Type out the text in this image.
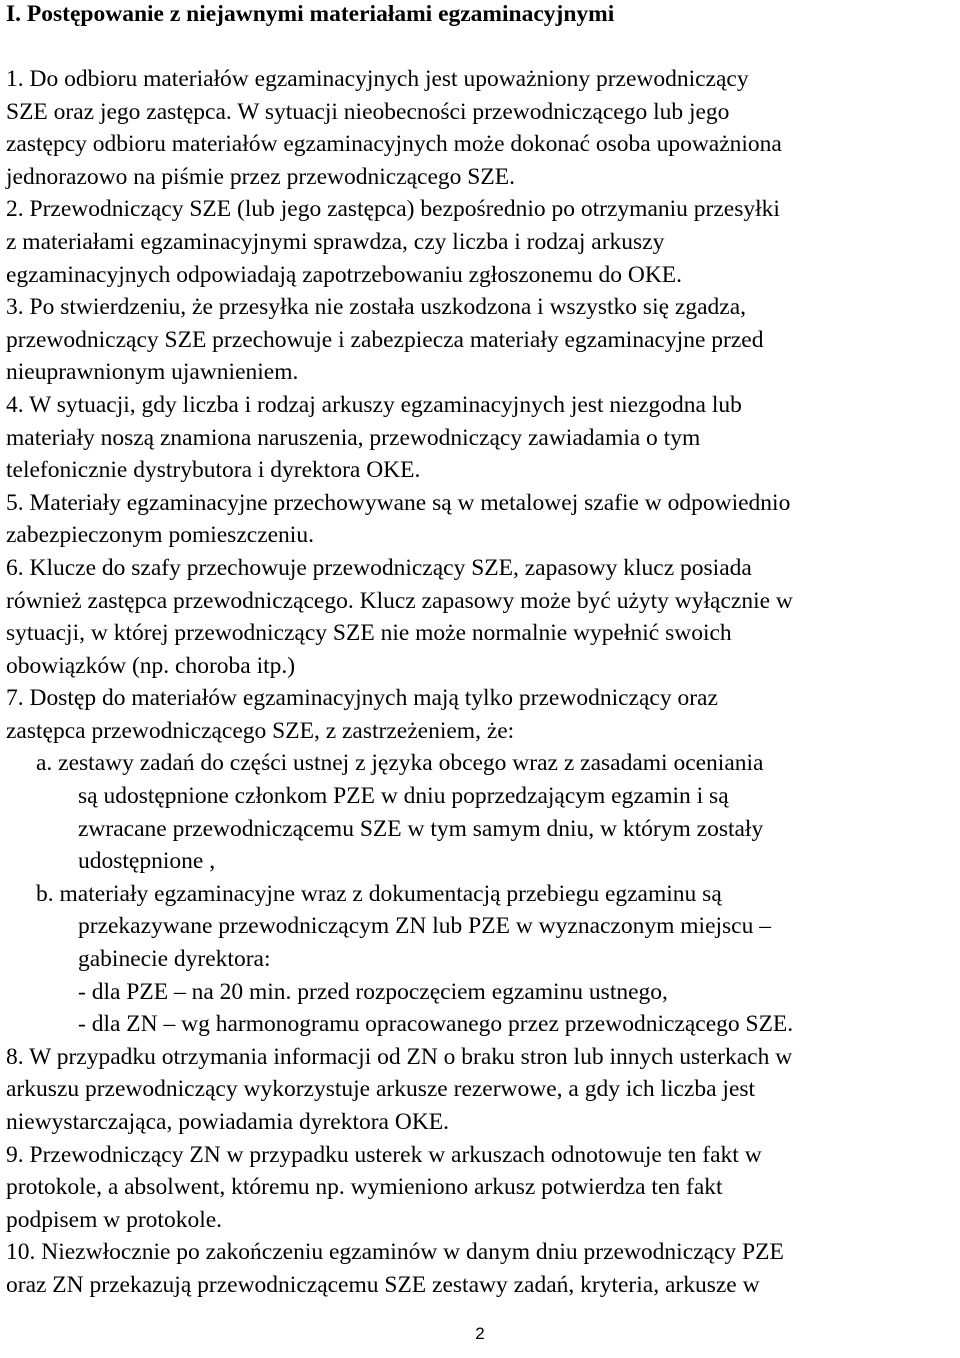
I. Postępowanie z niejawnymi materiałami egzaminacyjnymi
1. Do odbioru materiałów egzaminacyjnych jest upoważniony przewodniczący
SZE oraz jego zastępca. W sytuacji nieobecności przewodniczącego lub jego
zastępcy odbioru materiałów egzaminacyjnych może dokonać osoba upoważniona
jednorazowo na piśmie przez przewodniczącego SZE.
2. Przewodniczący SZE (lub jego zastępca) bezpośrednio po otrzymaniu przesyłki
z materiałami egzaminacyjnymi sprawdza, czy liczba i rodzaj arkuszy
egzaminacyjnych odpowiadają zapotrzebowaniu zgłoszonemu do OKE.
3. Po stwierdzeniu, że przesyłka nie została uszkodzona i wszystko się zgadza,
przewodniczący SZE przechowuje i zabezpiecza materiały egzaminacyjne przed
nieuprawnionym ujawnieniem.
4. W sytuacji, gdy liczba i rodzaj arkuszy egzaminacyjnych jest niezgodna lub
materiały noszą znamiona naruszenia, przewodniczący zawiadamia o tym
telefonicznie dystrybutora i dyrektora OKE.
5. Materiały egzaminacyjne przechowywane są w metalowej szafie w odpowiednio
zabezpieczonym pomieszczeniu.
6. Klucze do szafy przechowuje przewodniczący SZE, zapasowy klucz posiada
również zastępca przewodniczącego. Klucz zapasowy może być użyty wyłącznie w
sytuacji, w której przewodniczący SZE nie może normalnie wypełnić swoich
obowiązków (np. choroba itp.)
7. Dostęp do materiałów egzaminacyjnych mają tylko przewodniczący oraz
zastępca przewodniczącego SZE, z zastrzeżeniem, że:
a. zestawy zadań do części ustnej z języka obcego wraz z zasadami oceniania
są udostępnione członkom PZE w dniu poprzedzającym egzamin i są
zwracane przewodniczącemu SZE w tym samym dniu, w którym zostały
udostępnione ,
b. materiały egzaminacyjne wraz z dokumentacją przebiegu egzaminu są
przekazywane przewodniczącym ZN lub PZE w wyznaczonym miejscu –
gabinecie dyrektora:
- dla PZE – na 20 min. przed rozpoczęciem egzaminu ustnego,
- dla ZN – wg harmonogramu opracowanego przez przewodniczącego SZE.
8. W przypadku otrzymania informacji od ZN o braku stron lub innych usterkach w
arkuszu przewodniczący wykorzystuje arkusze rezerwowe, a gdy ich liczba jest
niewystarczająca, powiadamia dyrektora OKE.
9. Przewodniczący ZN w przypadku usterek w arkuszach odnotowuje ten fakt w
protokole, a absolwent, któremu np. wymieniono arkusz potwierdza ten fakt
podpisem w protokole.
10. Niezwłocznie po zakończeniu egzaminów w danym dniu przewodniczący PZE
oraz ZN przekazują przewodniczącemu SZE zestawy zadań, kryteria, arkusze w
2
